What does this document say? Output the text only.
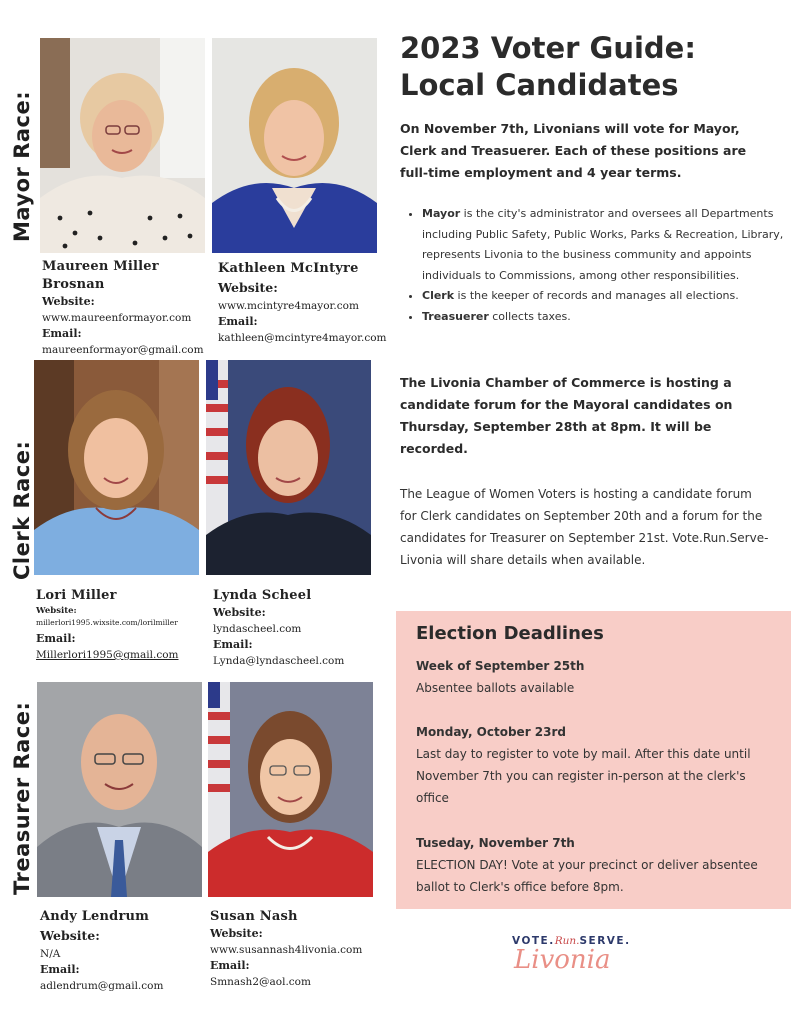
Mayor Race:
Clerk Race:
Treasurer Race:
Maureen Miller Brosnan
Website:
www.maureenformayor.com
Email:
maureenformayor@gmail.com
Kathleen McIntyre
Website:
www.mcintyre4mayor.com
Email:
kathleen@mcintyre4mayor.com
Lori Miller
Website:
millerlori1995.wixsite.com/lorilmiller
Email:
Millerlori1995@gmail.com
Lynda Scheel
Website:
lyndascheel.com
Email:
Lynda@lyndascheel.com
Andy Lendrum
Website:
N/A
Email:
adlendrum@gmail.com
Susan Nash
Website:
www.susannash4livonia.com
Email:
Smnash2@aol.com
2023 Voter Guide:
Local Candidates
On November 7th, Livonians will vote for Mayor, Clerk and Treasuerer. Each of these positions are full-time employment and 4 year terms.
• Mayor is the city's administrator and oversees all Departments including Public Safety, Public Works, Parks & Recreation, Library, represents Livonia to the business community and appoints individuals to Commissions, among other responsibilities.
• Clerk is the keeper of records and manages all elections.
• Treasuerer collects taxes.
The Livonia Chamber of Commerce is hosting a candidate forum for the Mayoral candidates on Thursday, September 28th at 8pm. It will be recorded.
The League of Women Voters is hosting a candidate forum for Clerk candidates on September 20th and a forum for the candidates for Treasurer on September 21st. Vote.Run.Serve-Livonia will share details when available.
Election Deadlines
Week of September 25th
Absentee ballots available
Monday, October 23rd
Last day to register to vote by mail. After this date until November 7th you can register in-person at the clerk's office
Tuseday, November 7th
ELECTION DAY! Vote at your precinct or deliver absentee ballot to Clerk's office before 8pm.
VOTE.Run.SERVE.
Livonia
